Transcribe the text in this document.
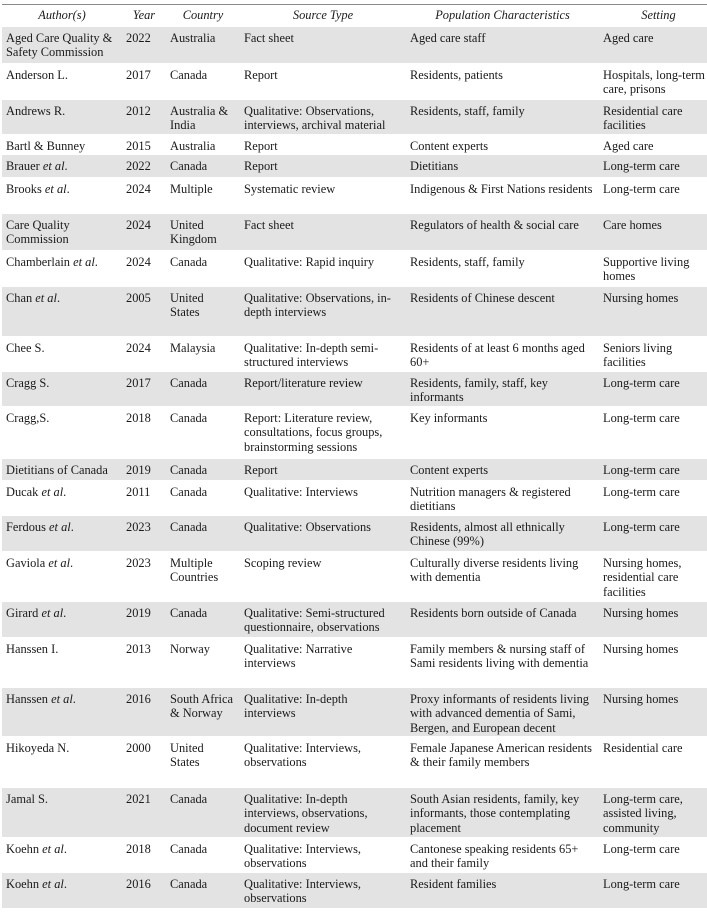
Author(s)	Year	Country	Source Type	Population Characteristics	Setting
Aged Care Quality & Safety Commission	2022	Australia	Fact sheet	Aged care staff	Aged care
Anderson L.	2017	Canada	Report	Residents, patients	Hospitals, long-term care, prisons
Andrews R.	2012	Australia & India	Qualitative: Observations, interviews, archival material	Residents, staff, family	Residential care facilities
Bartl & Bunney	2015	Australia	Report	Content experts	Aged care
Brauer et al.	2022	Canada	Report	Dietitians	Long-term care
Brooks et al.	2024	Multiple	Systematic review	Indigenous & First Nations residents	Long-term care
Care Quality Commission	2024	United Kingdom	Fact sheet	Regulators of health & social care	Care homes
Chamberlain et al.	2024	Canada	Qualitative: Rapid inquiry	Residents, staff, family	Supportive living homes
Chan et al.	2005	United States	Qualitative: Observations, in-depth interviews	Residents of Chinese descent	Nursing homes
Chee S.	2024	Malaysia	Qualitative: In-depth semi-structured interviews	Residents of at least 6 months aged 60+	Seniors living facilities
Cragg S.	2017	Canada	Report/literature review	Residents, family, staff, key informants	Long-term care
Cragg,S.	2018	Canada	Report: Literature review, consultations, focus groups, brainstorming sessions	Key informants	Long-term care
Dietitians of Canada	2019	Canada	Report	Content experts	Long-term care
Ducak et al.	2011	Canada	Qualitative: Interviews	Nutrition managers & registered dietitians	Long-term care
Ferdous et al.	2023	Canada	Qualitative: Observations	Residents, almost all ethnically Chinese (99%)	Long-term care
Gaviola et al.	2023	Multiple Countries	Scoping review	Culturally diverse residents living with dementia	Nursing homes, residential care facilities
Girard et al.	2019	Canada	Qualitative: Semi-structured questionnaire, observations	Residents born outside of Canada	Nursing homes
Hanssen I.	2013	Norway	Qualitative: Narrative interviews	Family members & nursing staff of Sami residents living with dementia	Nursing homes
Hanssen et al.	2016	South Africa & Norway	Qualitative: In-depth interviews	Proxy informants of residents living with advanced dementia of Sami, Bergen, and European decent	Nursing homes
Hikoyeda N.	2000	United States	Qualitative: Interviews, observations	Female Japanese American residents & their family members	Residential care
Jamal S.	2021	Canada	Qualitative: In-depth interviews, observations, document review	South Asian residents, family, key informants, those contemplating placement	Long-term care, assisted living, community
Koehn et al.	2018	Canada	Qualitative: Interviews, observations	Cantonese speaking residents 65+ and their family	Long-term care
Koehn et al.	2016	Canada	Qualitative: Interviews, observations	Resident families	Long-term care
